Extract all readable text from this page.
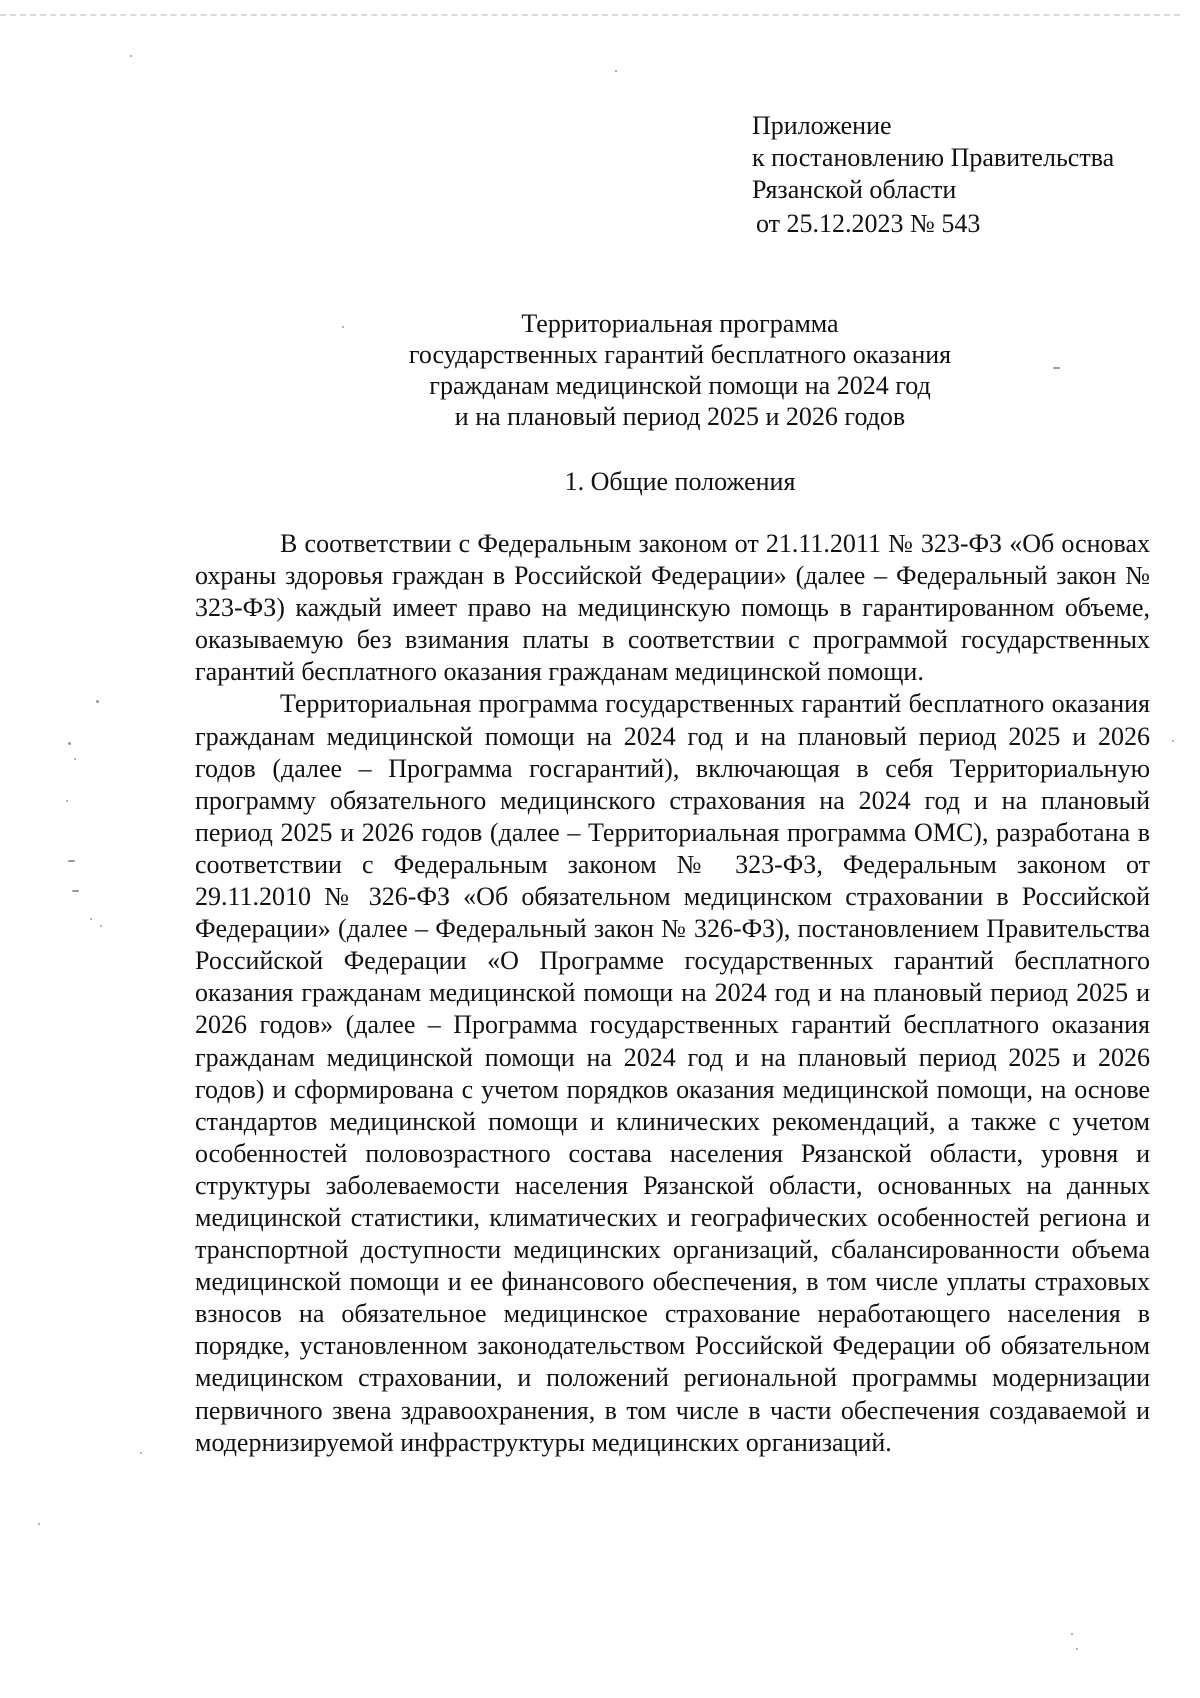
Приложение
к постановлению Правительства
Рязанской области
от 25.12.2023 № 543
Территориальная программа
государственных гарантий бесплатного оказания
гражданам медицинской помощи на 2024 год
и на плановый период 2025 и 2026 годов
1. Общие положения

В соответствии с Федеральным законом от 21.11.2011 № 323-ФЗ «Об основах охраны здоровья граждан в Российской Федерации» (далее – Федеральный закон № 323-ФЗ) каждый имеет право на медицинскую помощь в гарантированном объеме, оказываемую без взимания платы в соответствии с программой государственных гарантий бесплатного оказания гражданам медицинской помощи.

Территориальная программа государственных гарантий бесплатного оказания гражданам медицинской помощи на 2024 год и на плановый период 2025 и 2026 годов (далее – Программа госгарантий), включающая в себя Территориальную программу обязательного медицинского страхования на 2024 год и на плановый период 2025 и 2026 годов (далее – Территориальная программа ОМС), разработана в соответствии с Федеральным законом № 323-ФЗ, Федеральным законом от 29.11.2010 № 326-ФЗ «Об обязательном медицинском страховании в Российской Федерации» (далее – Федеральный закон № 326-ФЗ), постановлением Правительства Российской Федерации «О Программе государственных гарантий бесплатного оказания гражданам медицинской помощи на 2024 год и на плановый период 2025 и 2026 годов» (далее – Программа государственных гарантий бесплатного оказания гражданам медицинской помощи на 2024 год и на плановый период 2025 и 2026 годов) и сформирована с учетом порядков оказания медицинской помощи, на основе стандартов медицинской помощи и клинических рекомендаций, а также с учетом особенностей половозрастного состава населения Рязанской области, уровня и структуры заболеваемости населения Рязанской области, основанных на данных медицинской статистики, климатических и географических особенностей региона и транспортной доступности медицинских организаций, сбалансированности объема медицинской помощи и ее финансового обеспечения, в том числе уплаты страховых взносов на обязательное медицинское страхование неработающего населения в порядке, установленном законодательством Российской Федерации об обязательном медицинском страховании, и положений региональной программы модернизации первичного звена здравоохранения, в том числе в части обеспечения создаваемой и модернизируемой инфраструктуры медицинских организаций.
